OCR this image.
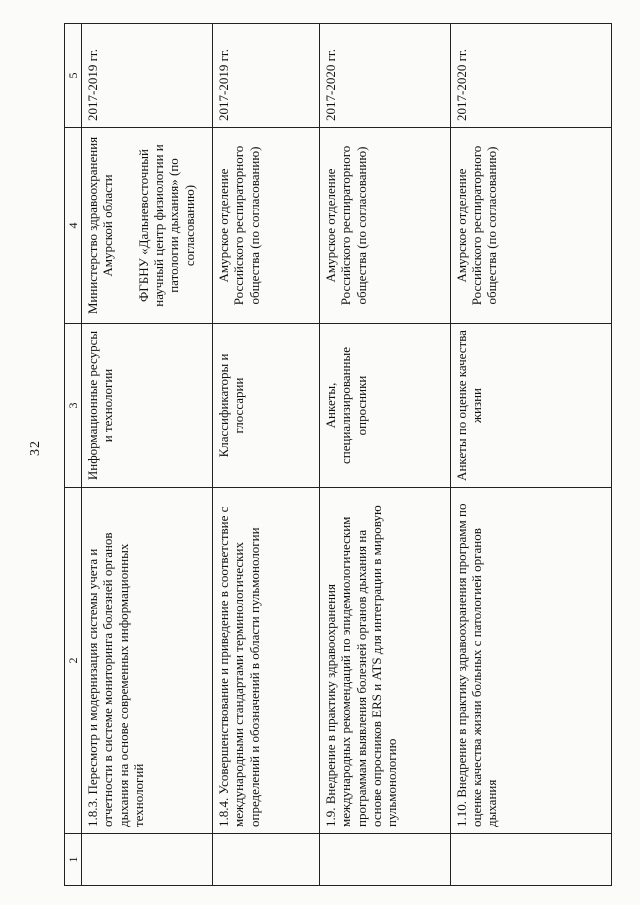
32
1	2	3	4	5
	1.8.3. Пересмотр и модернизация системы учета и отчетности в системе мониторинга болезней органов дыхания на основе современных информационных технологий	Информационные ресурсы и технологии	Министерство здравоохранения Амурской области ФГБНУ «Дальневосточный научный центр физиологии и патологии дыхания» (по согласованию)	2017-2019 гг.
	1.8.4. Усовершенствование и приведение в соответствие с международными стандартами терминологических определений и обозначений в области пульмонологии	Классификаторы и глоссарии	Амурское отделение Российского респираторного общества (по согласованию)	2017-2019 гг.
	1.9. Внедрение в практику здравоохранения международных рекомендаций по эпидемиологическим программам выявления болезней органов дыхания на основе опросников ERS и ATS для интеграции в мировую пульмонологию	Анкеты, специализированные опросники	Амурское отделение Российского респираторного общества (по согласованию)	2017-2020 гг.
	1.10. Внедрение в практику здравоохранения программ по оценке качества жизни больных с патологией органов дыхания	Анкеты по оценке качества жизни	Амурское отделение Российского респираторного общества (по согласованию)	2017-2020 гг.
